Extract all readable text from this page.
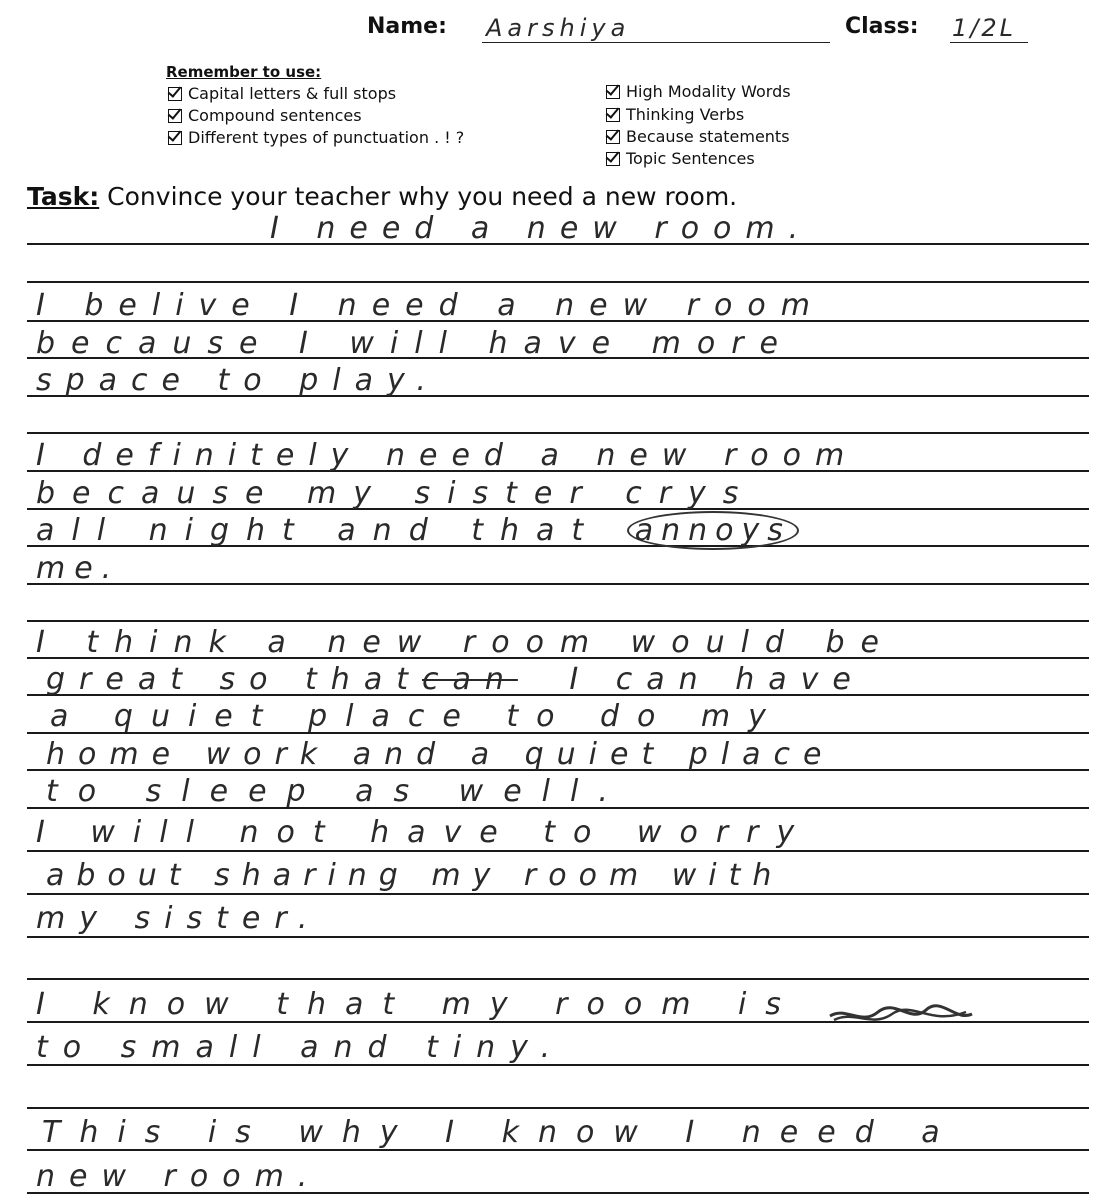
Name: Aarshiya	Class: 1/2L
Remember to use:
Capital letters & full stops
Compound sentences
Different types of punctuation . ! ?
High Modality Words
Thinking Verbs
Because statements
Topic Sentences
Task: Convince your teacher why you need a new room.
I need a new room.
I belive I need a new room
because I will have more
space to play.
I definitely need a new room
because my sister crys
all night and that annoys
me.
I think a new room would be
great so thatcan I can have
a quiet place to do my
home work and a quiet place
to sleep as well.
I will not have to worry
about sharing my room with
my sister.
I know that my room is
to small and tiny.
This is why I know I need a
new room.
